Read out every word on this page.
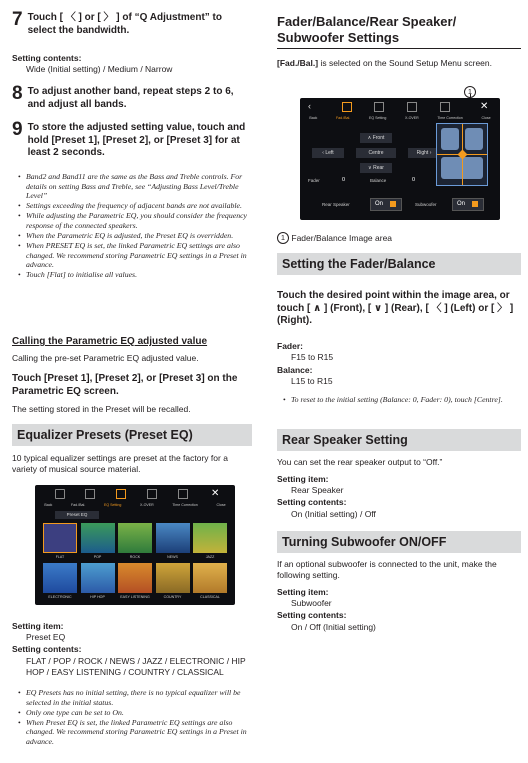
7 Touch [ 〈 ] or [ 〉 ] of “Q Adjustment” to select the bandwidth.
Setting contents:
Wide (Initial setting) / Medium / Narrow
8 To adjust another band, repeat steps 2 to 6, and adjust all bands.
9 To store the adjusted setting value, touch and hold [Preset 1], [Preset 2], or [Preset 3] for at least 2 seconds.
• Band2 and Band11 are the same as the Bass and Treble controls. For details on setting Bass and Treble, see “Adjusting Bass Level/Treble Level”
• Settings exceeding the frequency of adjacent bands are not available.
• While adjusting the Parametric EQ, you should consider the frequency response of the connected speakers.
• When the Parametric EQ is adjusted, the Preset EQ is overridden.
• When PRESET EQ is set, the linked Parametric EQ settings are also changed. We recommend storing Parametric EQ settings in a Preset in advance.
• Touch [Flat] to initialise all values.
Calling the Parametric EQ adjusted value
Calling the pre-set Parametric EQ adjusted value.
Touch [Preset 1], [Preset 2], or [Preset 3] on the Parametric EQ screen.
The setting stored in the Preset will be recalled.
Equalizer Presets (Preset EQ)
10 typical equalizer settings are preset at the factory for a variety of musical source material.
Back	Fad./Bal.	EQ Setting	X-OVER	Time Correction	Close
✕
Preset EQ
FLAT	POP	ROCK	NEWS	JAZZ
ELECTRONIC	HIP HOP	EASY LISTENING	COUNTRY	CLASSICAL
Setting item:
Preset EQ
Setting contents:
FLAT / POP / ROCK / NEWS / JAZZ / ELECTRONIC / HIP HOP / EASY LISTENING / COUNTRY / CLASSICAL
• EQ Presets has no initial setting, there is no typical equalizer will be selected in the initial status.
• Only one type can be set to On.
• When Preset EQ is set, the linked Parametric EQ settings are also changed. We recommend storing Parametric EQ settings in a Preset in advance.
Fader/Balance/Rear Speaker/
Subwoofer Settings
[Fad./Bal.] is selected on the Sound Setup Menu screen.
1
Back	Fad./Bal.	EQ Setting	X-OVER	Time Correction	Close
✕
‹
∧ Front
‹ Left	Centre	Right ›
∨ Rear
Fader	0	Balance	0
Rear Speaker	On	Subwoofer	On
1 Fader/Balance Image area
Setting the Fader/Balance
Touch the desired point within the image area, or touch [ ∧ ] (Front), [ ∨ ] (Rear), [ 〈 ] (Left) or [ 〉 ] (Right).
Fader:
F15 to R15
Balance:
L15 to R15
• To reset to the initial setting (Balance: 0, Fader: 0), touch [Centre].
Rear Speaker Setting
You can set the rear speaker output to “Off.”
Setting item:
Rear Speaker
Setting contents:
On (Initial setting) / Off
Turning Subwoofer ON/OFF
If an optional subwoofer is connected to the unit, make the following setting.
Setting item:
Subwoofer
Setting contents:
On / Off (Initial setting)
